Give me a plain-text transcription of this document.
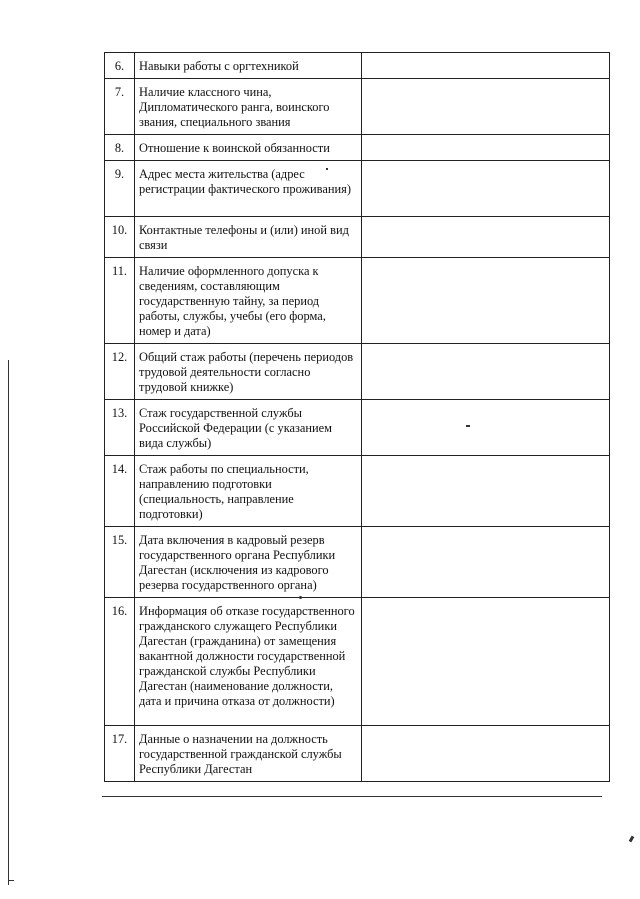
6.	Навыки работы с оргтехникой	
7.	Наличие классного чина, Дипломатического ранга, воинского звания, специального звания	
8.	Отношение к воинской обязанности	
9.	Адрес места жительства (адрес регистрации фактического проживания)	
10.	Контактные телефоны и (или) иной вид связи	
11.	Наличие оформленного допуска к сведениям, составляющим государственную тайну, за период работы, службы, учебы (его форма, номер и дата)	
12.	Общий стаж работы (перечень периодов трудовой деятельности согласно трудовой книжке)	
13.	Стаж государственной службы Российской Федерации (с указанием вида службы)	
14.	Стаж работы по специальности, направлению подготовки (специальность, направление подготовки)	
15.	Дата включения в кадровый резерв государственного органа Республики Дагестан (исключения из кадрового резерва государственного органа)	
16.	Информация об отказе государственного гражданского служащего Республики Дагестан (гражданина) от замещения вакантной должности государственной гражданской службы Республики Дагестан (наименование должности, дата и причина отказа от должности)	
17.	Данные о назначении на должность государственной гражданской службы Республики Дагестан	
